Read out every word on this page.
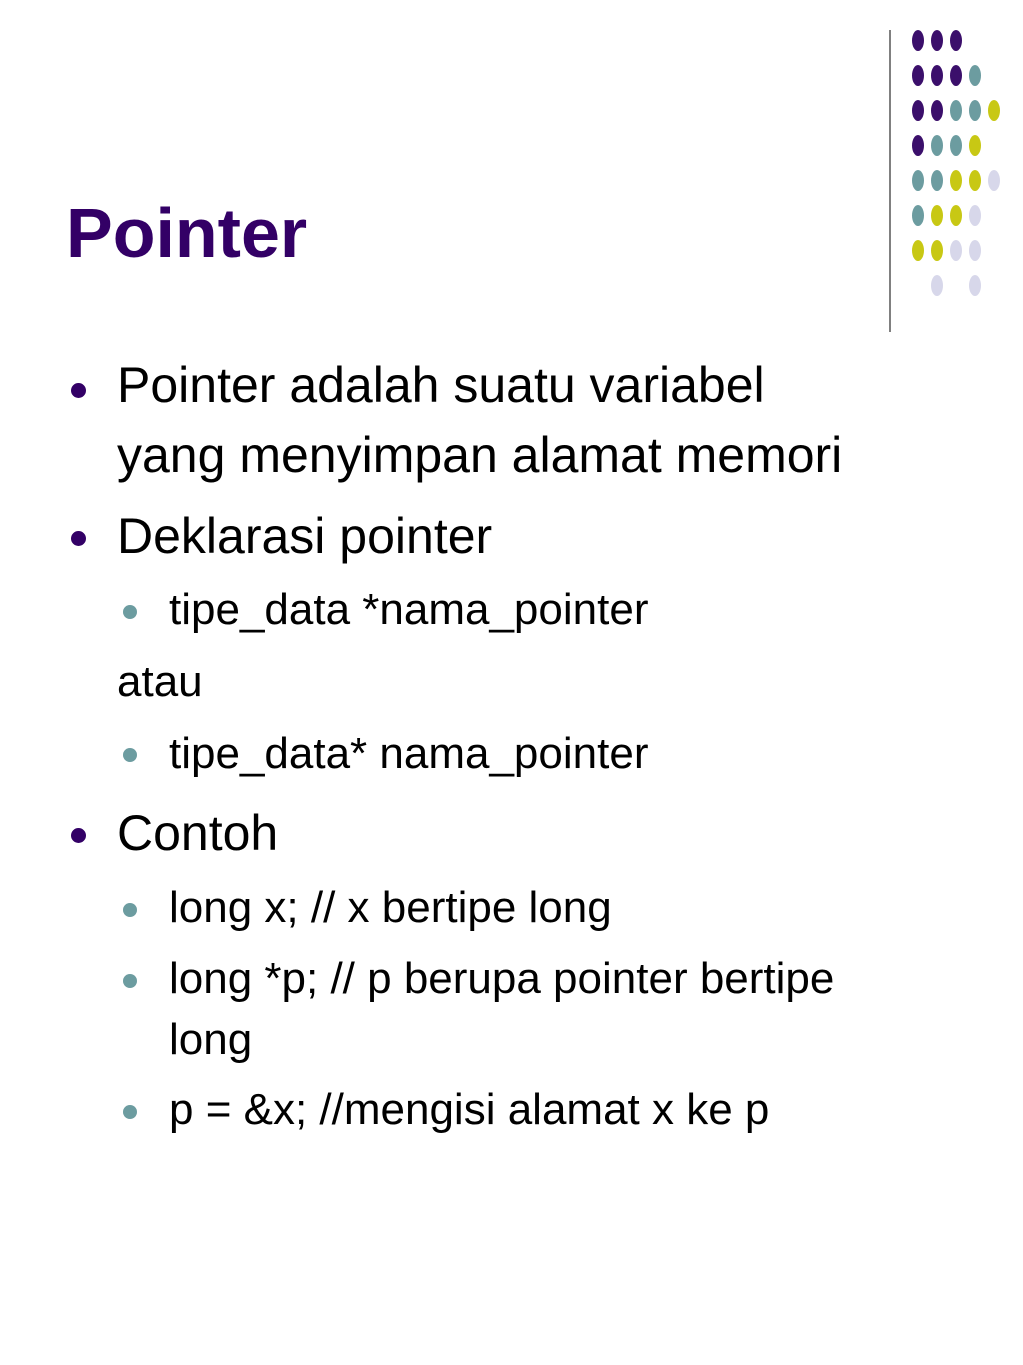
Pointer

Pointer adalah suatu variabel

yang menyimpan alamat memori

Deklarasi pointer

tipe_data *nama_pointer

atau

tipe_data* nama_pointer

Contoh

long x; // x bertipe long

long *p; // p berupa pointer bertipe

long

p = &x; //mengisi alamat x ke p
